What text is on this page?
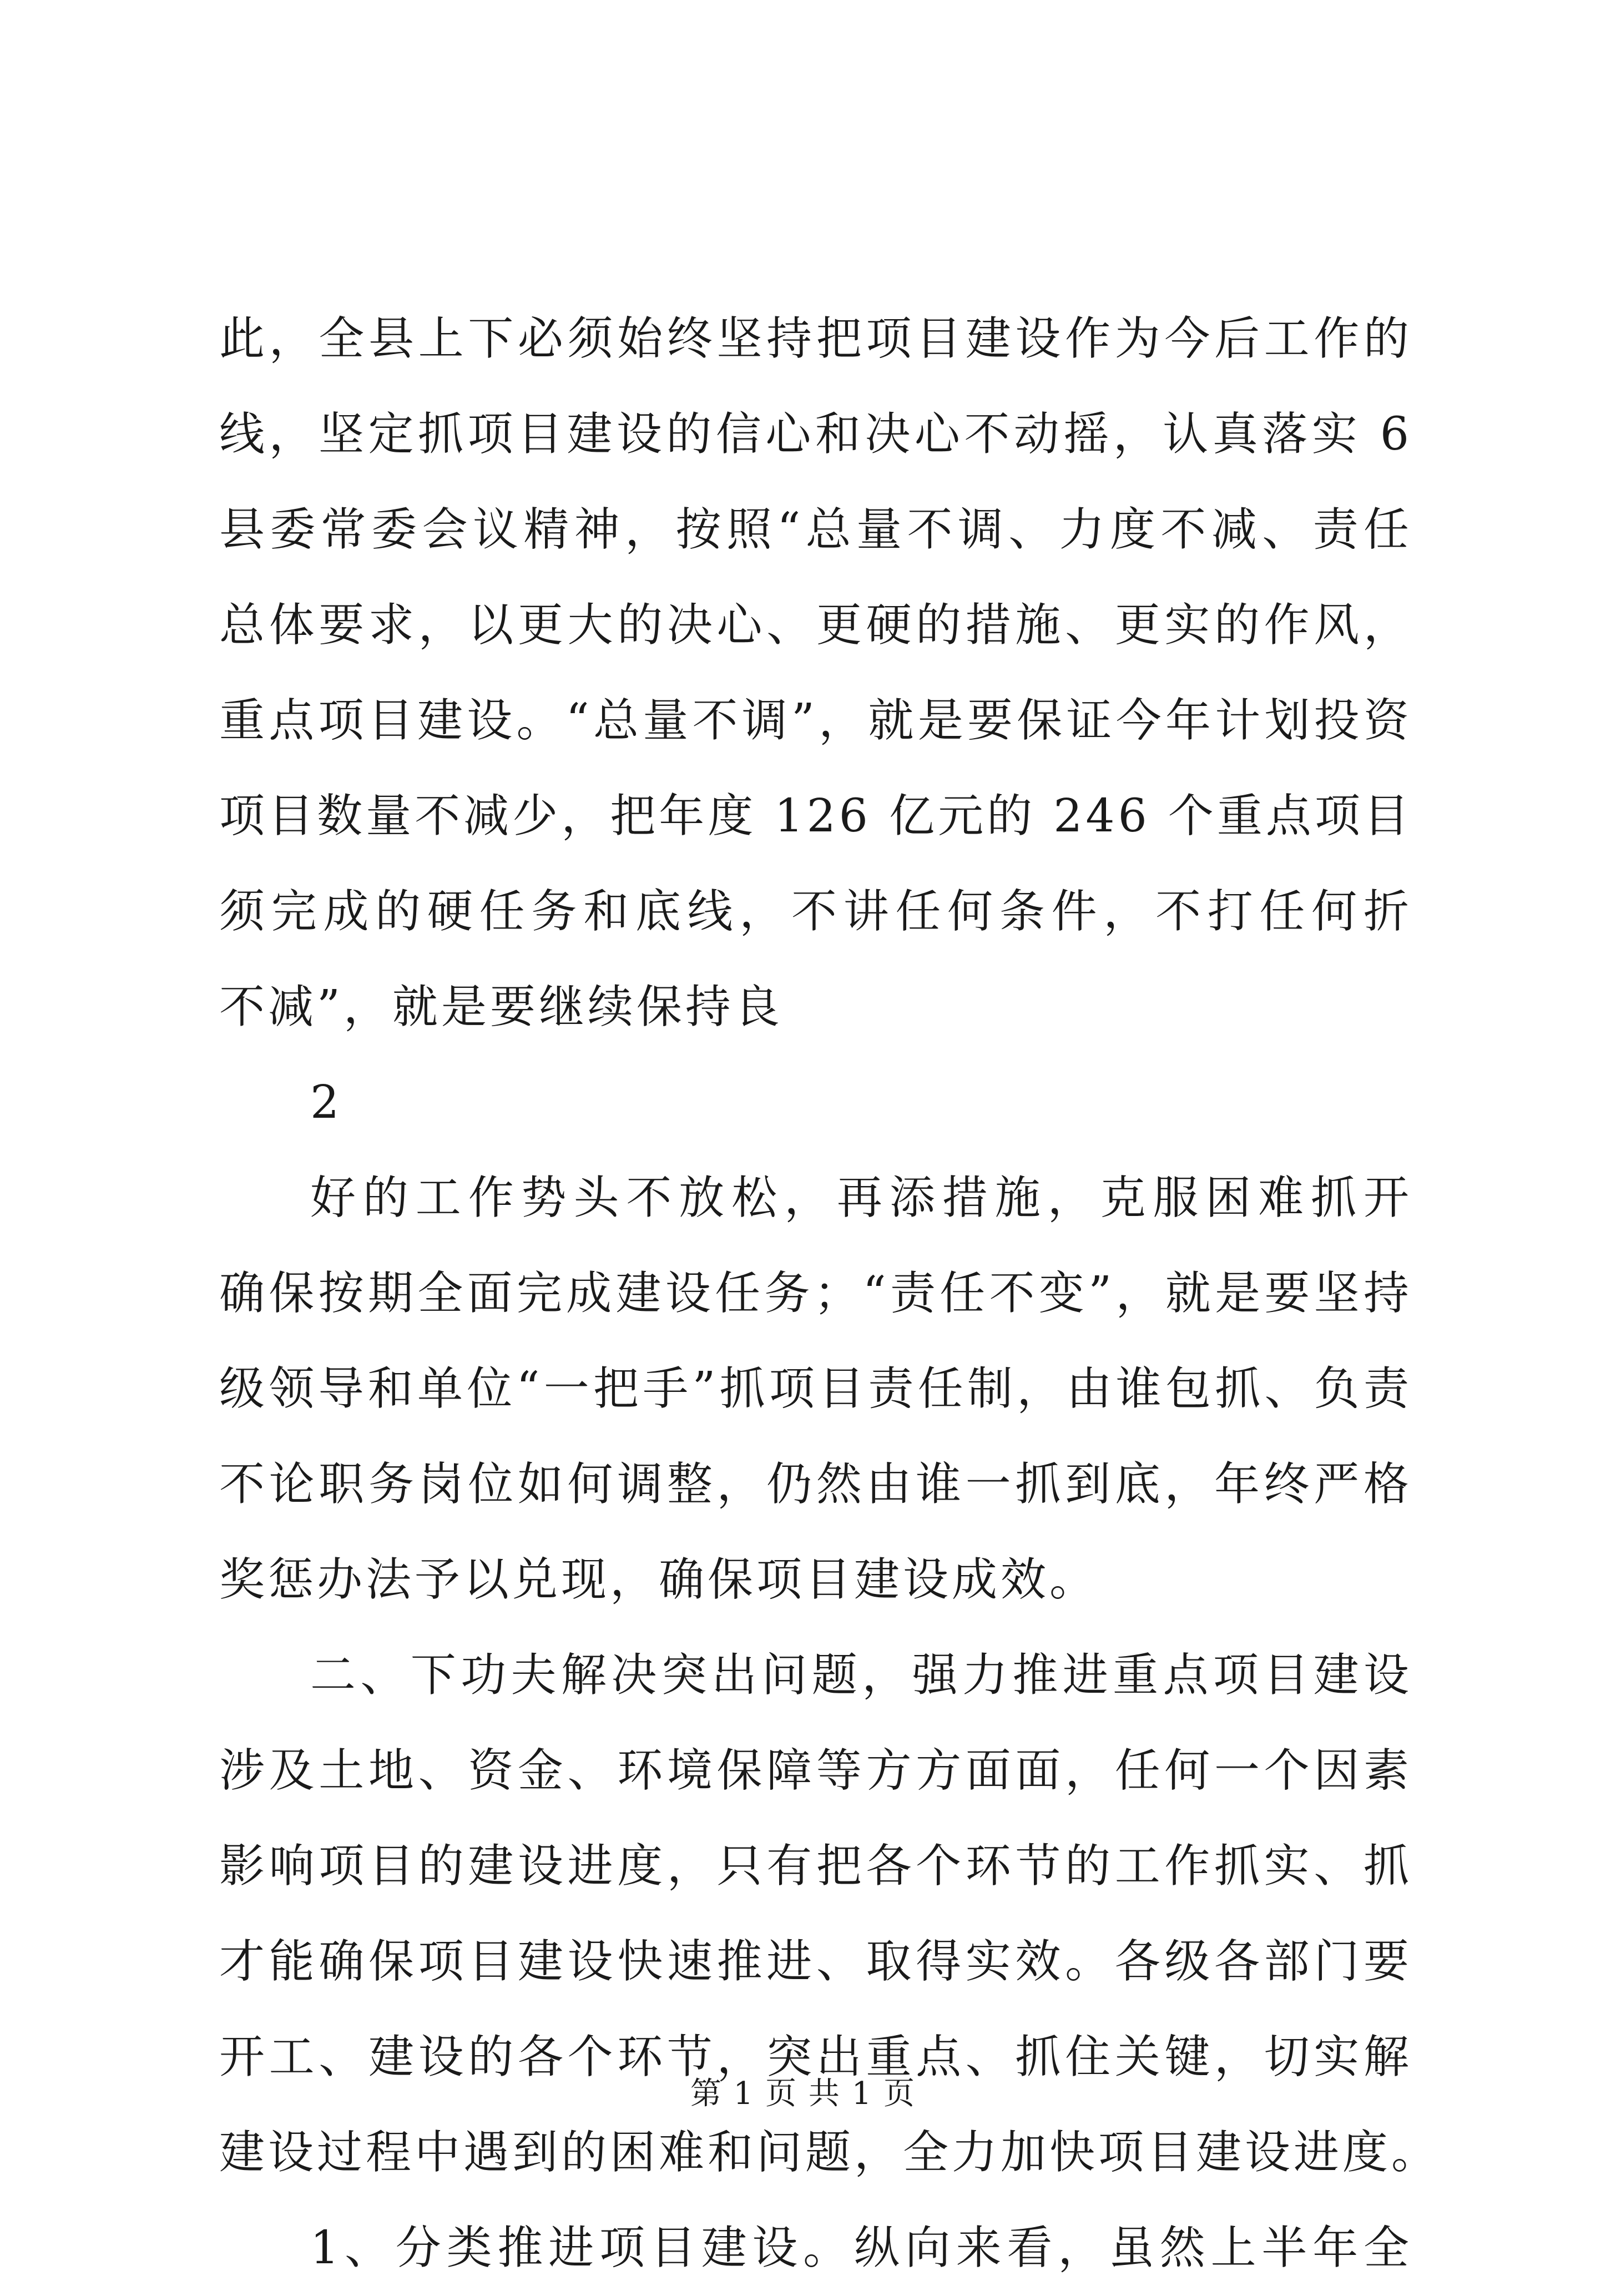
此，全县上下必须始终坚持把项目建设作为今后工作的
线，坚定抓项目建设的信心和决心不动摇，认真落实 6
县委常委会议精神，按照“总量不调、力度不减、责任
总体要求，以更大的决心、更硬的措施、更实的作风，
重点项目建设。“总量不调”，就是要保证今年计划投资
项目数量不减少，把年度 126 亿元的 246 个重点项目
须完成的硬任务和底线，不讲任何条件，不打任何折
不减”，就是要继续保持良
2
好的工作势头不放松，再添措施，克服困难抓开
确保按期全面完成建设任务；“责任不变”，就是要坚持
级领导和单位“一把手”抓项目责任制，由谁包抓、负责
不论职务岗位如何调整，仍然由谁一抓到底，年终严格
奖惩办法予以兑现，确保项目建设成效。
二、下功夫解决突出问题，强力推进重点项目建设
涉及土地、资金、环境保障等方方面面，任何一个因素
影响项目的建设进度，只有把各个环节的工作抓实、抓
才能确保项目建设快速推进、取得实效。各级各部门要
开工、建设的各个环节，突出重点、抓住关键，切实解
建设过程中遇到的困难和问题，全力加快项目建设进度。
1、分类推进项目建设。纵向来看，虽然上半年全
第 1 页 共 1 页
